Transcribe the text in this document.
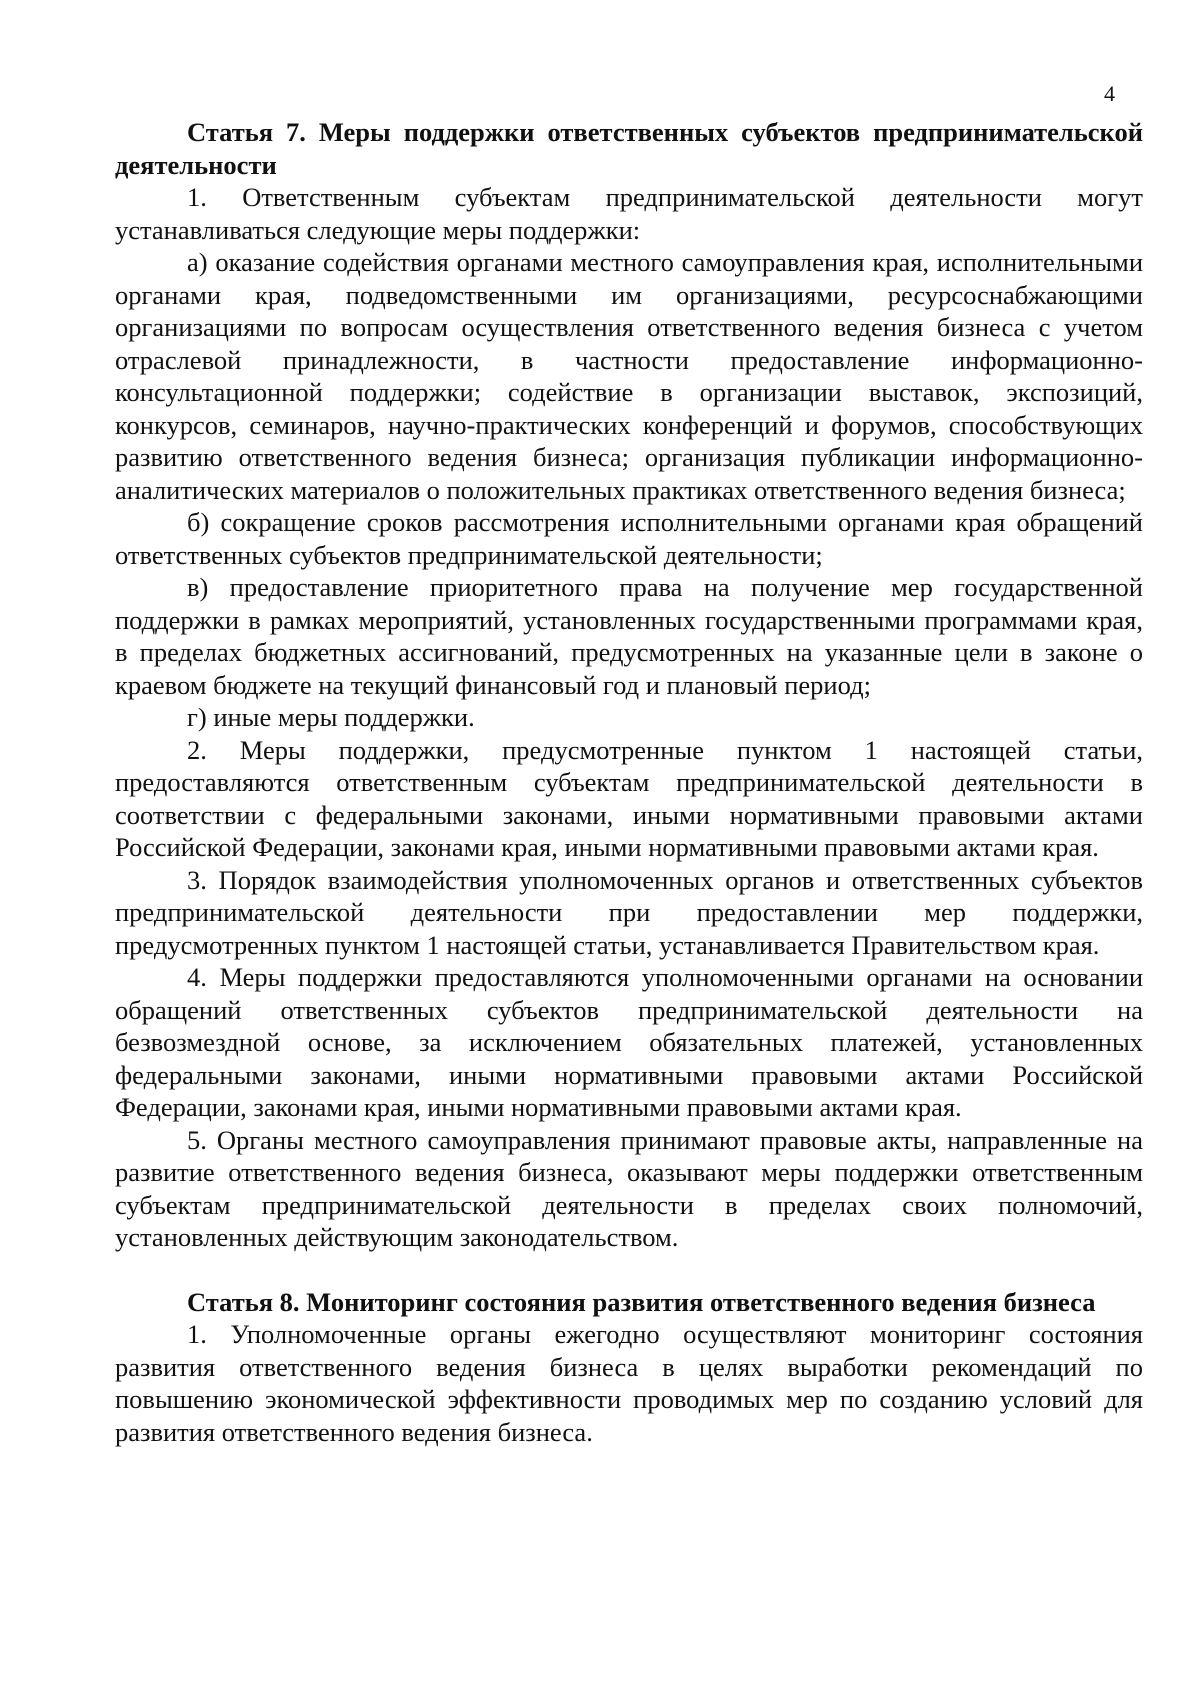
4

Статья 7. Меры поддержки ответственных субъектов предпринимательской деятельности

1. Ответственным субъектам предпринимательской деятельности могут устанавливаться следующие меры поддержки:

а) оказание содействия органами местного самоуправления края, исполнительными органами края, подведомственными им организациями, ресурсоснабжающими организациями по вопросам осуществления ответственного ведения бизнеса с учетом отраслевой принадлежности, в частности предоставление информационно-консультационной поддержки; содействие в организации выставок, экспозиций, конкурсов, семинаров, научно-практических конференций и форумов, способствующих развитию ответственного ведения бизнеса; организация публикации информационно-аналитических материалов о положительных практиках ответственного ведения бизнеса;

б) сокращение сроков рассмотрения исполнительными органами края обращений ответственных субъектов предпринимательской деятельности;

в) предоставление приоритетного права на получение мер государственной поддержки в рамках мероприятий, установленных государственными программами края, в пределах бюджетных ассигнований, предусмотренных на указанные цели в законе о краевом бюджете на текущий финансовый год и плановый период;

г) иные меры поддержки.

2. Меры поддержки, предусмотренные пунктом 1 настоящей статьи, предоставляются ответственным субъектам предпринимательской деятельности в соответствии с федеральными законами, иными нормативными правовыми актами Российской Федерации, законами края, иными нормативными правовыми актами края.

3. Порядок взаимодействия уполномоченных органов и ответственных субъектов предпринимательской деятельности при предоставлении мер поддержки, предусмотренных пунктом 1 настоящей статьи, устанавливается Правительством края.

4. Меры поддержки предоставляются уполномоченными органами на основании обращений ответственных субъектов предпринимательской деятельности на безвозмездной основе, за исключением обязательных платежей, установленных федеральными законами, иными нормативными правовыми актами Российской Федерации, законами края, иными нормативными правовыми актами края.

5. Органы местного самоуправления принимают правовые акты, направленные на развитие ответственного ведения бизнеса, оказывают меры поддержки ответственным субъектам предпринимательской деятельности в пределах своих полномочий, установленных действующим законодательством.

Статья 8. Мониторинг состояния развития ответственного ведения бизнеса

1. Уполномоченные органы ежегодно осуществляют мониторинг состояния развития ответственного ведения бизнеса в целях выработки рекомендаций по повышению экономической эффективности проводимых мер по созданию условий для развития ответственного ведения бизнеса.
